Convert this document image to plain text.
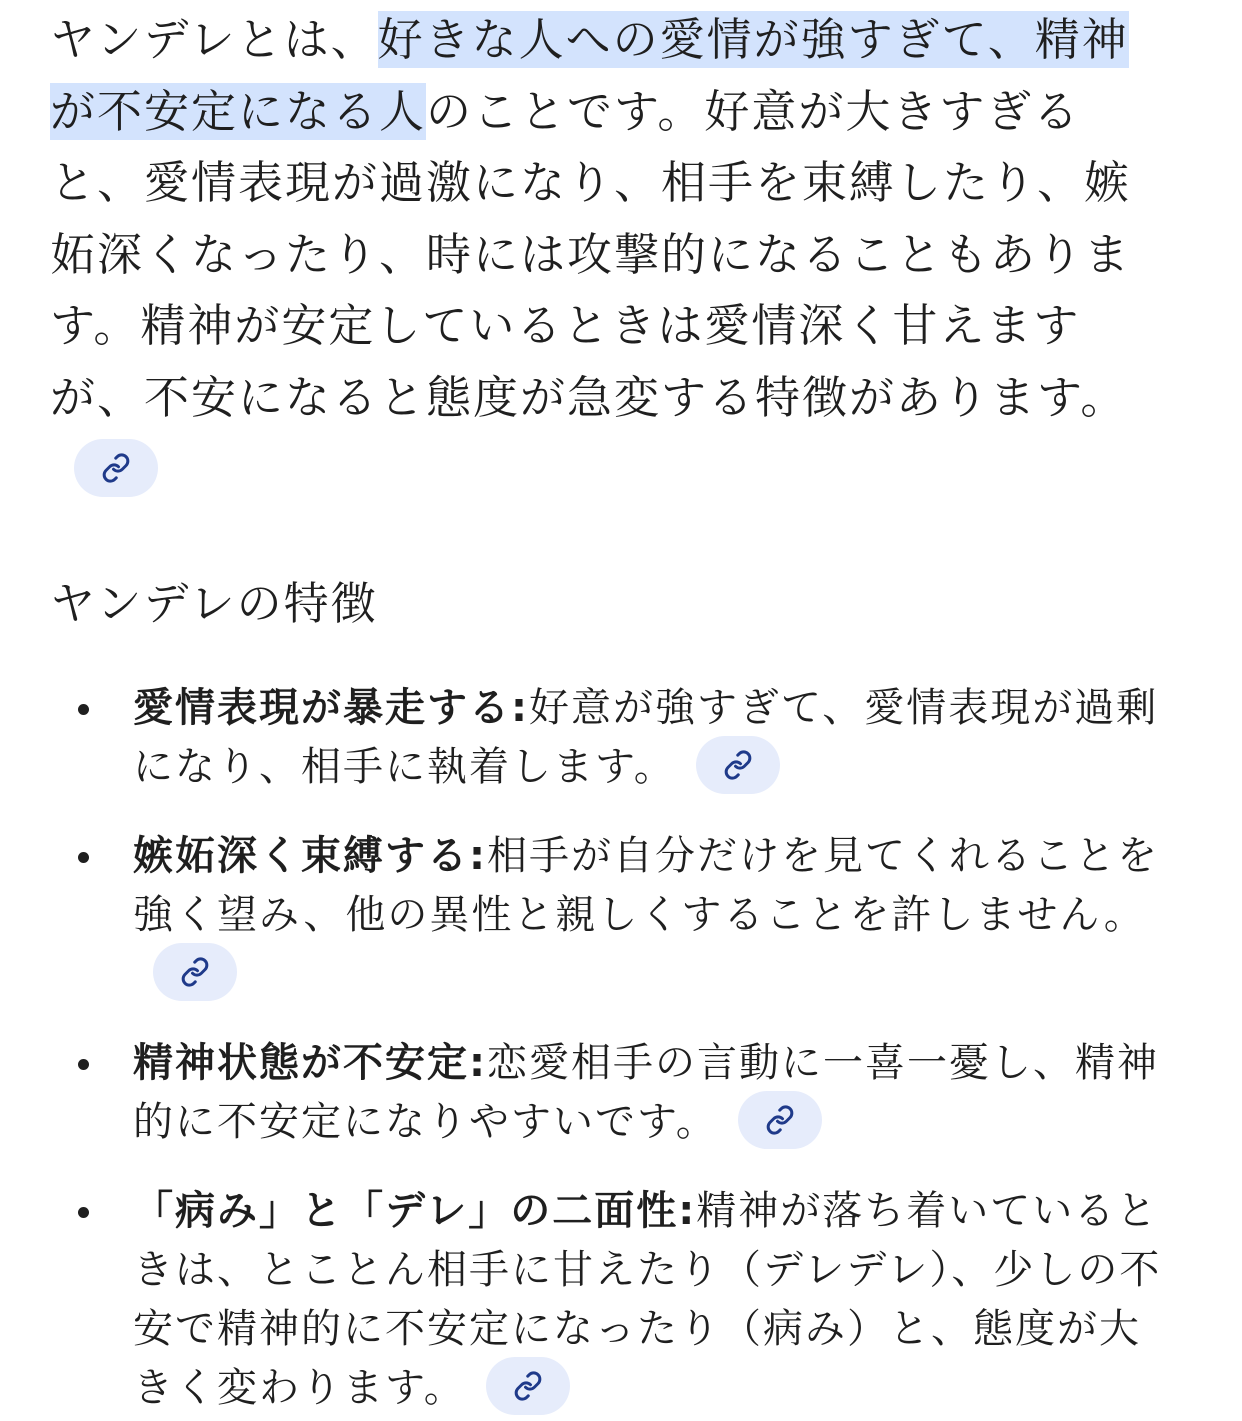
ヤンデレとは、好きな人への愛情が強すぎて、精神が不安定になる人のことです。好意が大きすぎると、愛情表現が過激になり、相手を束縛したり、嫉妬深くなったり、時には攻撃的になることもあります。精神が安定しているときは愛情深く甘えますが、不安になると態度が急変する特徴があります。

ヤンデレの特徴
愛情表現が暴走する:好意が強すぎて、愛情表現が過剰になり、相手に執着します。
嫉妬深く束縛する:相手が自分だけを見てくれることを強く望み、他の異性と親しくすることを許しません。
精神状態が不安定:恋愛相手の言動に一喜一憂し、精神的に不安定になりやすいです。
「病み」と「デレ」の二面性:精神が落ち着いているときは、とことん相手に甘えたり（デレデレ）、少しの不安で精神的に不安定になったり（病み）と、態度が大きく変わります。
